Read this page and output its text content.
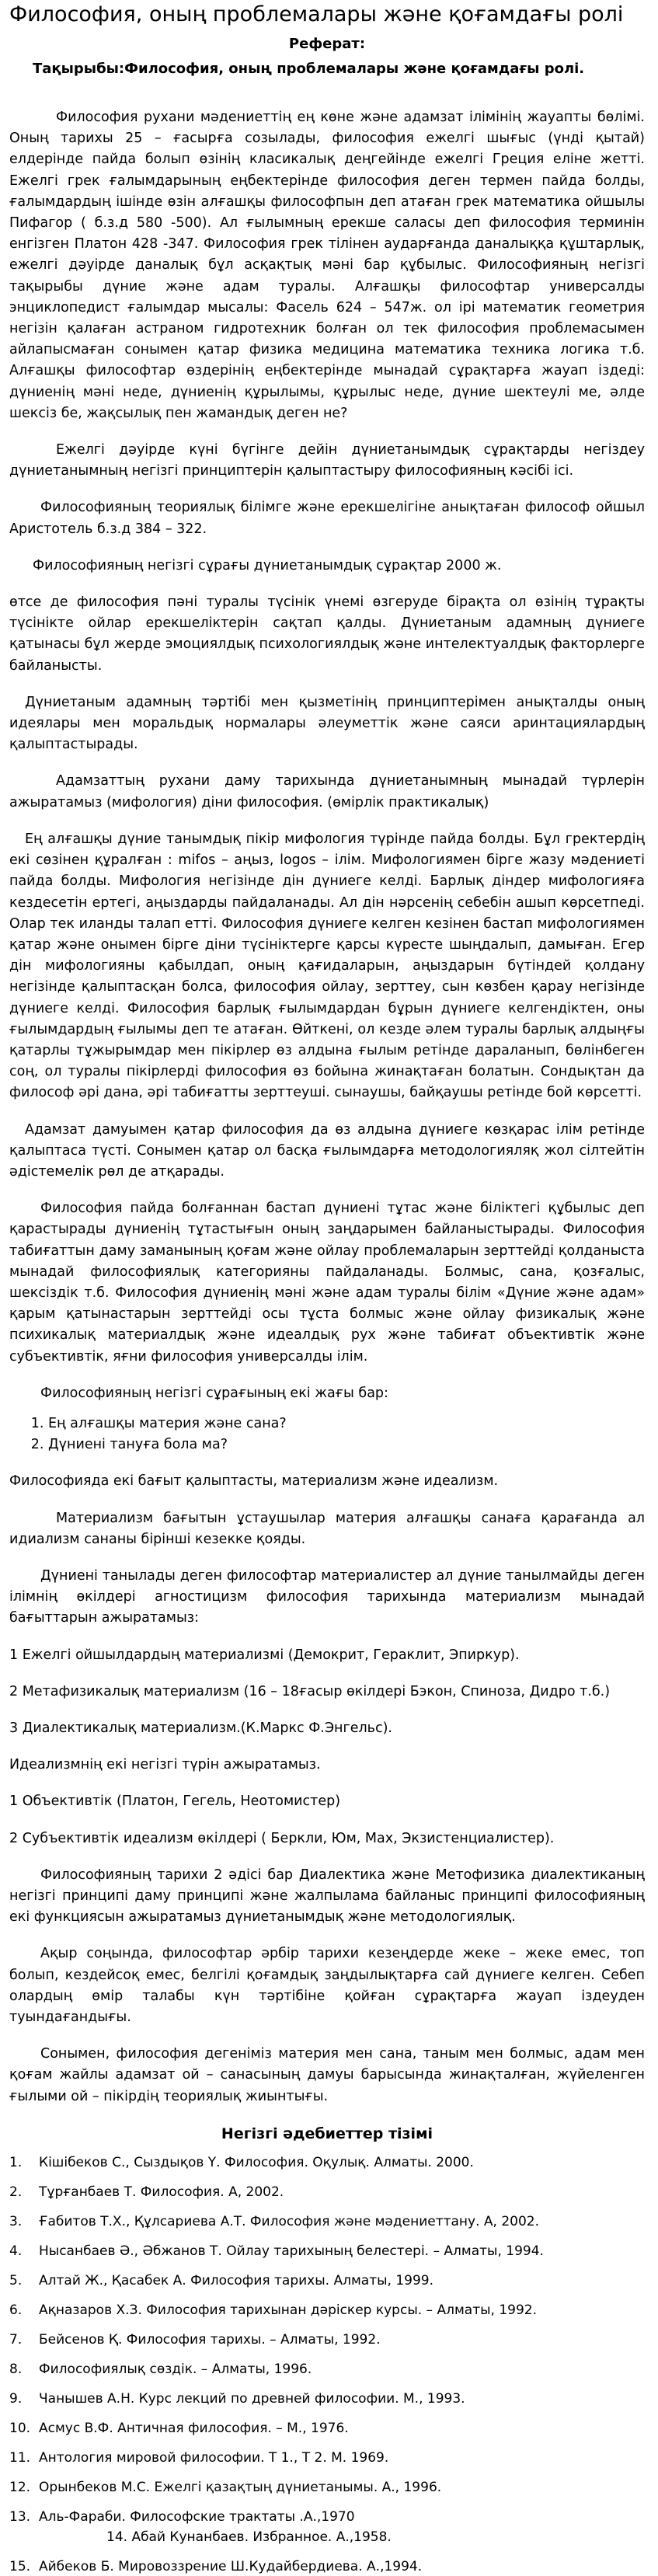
Философия, оның проблемалары және қоғамдағы ролі
Реферат:
Тақырыбы:Философия, оның проблемалары және қоғамдағы ролі.
Философия рухани мәдениеттің ең көне және адамзат ілімінің жауапты бөлімі. Оның тарихы 25 – ғасырға созылады, философия ежелгі шығыс (үнді қытай) елдерінде пайда болып өзінің класикалық деңгейінде ежелгі Греция еліне жетті. Ежелгі грек ғалымдарының еңбектерінде философия деген термен пайда болды, ғалымдардың ішінде өзін алғашқы философпын деп атаған грек математика ойшылы Пифагор ( б.з.д 580 -500). Ал ғылымның ерекше саласы деп философия терминін енгізген Платон 428 -347. Философия грек тілінен аударғанда даналыққа құштарлық, ежелгі дәуірде даналық бұл асқақтық мәні бар құбылыс. Философияның негізгі тақырыбы дүние және адам туралы. Алғашқы философтар универсалды энциклопедист ғалымдар мысалы: Фасель 624 – 547ж. ол ірі математик геометрия негізін қалаған астраном гидротехник болған ол тек философия проблемасымен айлапысмаған сонымен қатар физика медицина математика техника логика т.б. Алғашқы философтар өздерінің еңбектерінде мынадай сұрақтарға жауап іздеді: дүниенің мәні неде, дүниенің құрылымы, құрылыс неде, дүние шектеулі ме, әлде шексіз бе, жақсылық пен жамандық деген не?
Ежелгі дәуірде күні бүгінге дейін дүниетанымдық сұрақтарды негіздеу дүниетанымның негізгі принциптерін қалыптастыру философияның кәсібі ісі.
Философияның теориялық білімге және ерекшелігіне анықтаған философ ойшыл Аристотель б.з.д 384 – 322.
Философияның негізгі сұрағы дүниетанымдық сұрақтар 2000 ж.
өтсе де философия пәні туралы түсінік үнемі өзгеруде бірақта ол өзінің тұрақты түсінікте ойлар ерекшеліктерін сақтап қалды. Дүниетаным адамның дүниеге қатынасы бұл жерде эмоциялдық психологиялдық және интелектуалдық факторлерге байланысты.
Дүниетаным адамның тәртібі мен қызметінің принциптерімен анықталды оның идеялары мен моральдық нормалары әлеуметтік және саяси аринтациялардың қалыптастырады.
Адамзаттың рухани даму тарихында дүниетанымның мынадай түрлерін ажыратамыз (мифология) діни философия. (өмірлік практикалық)
Ең алғашқы дүние танымдық пікір мифология түрінде пайда болды. Бұл гректердің екі сөзінен құралған : mifos – аңыз, logos – ілім. Мифологиямен бірге жазу мәдениеті пайда болды. Мифология негізінде дін дүниеге келді. Барлық діндер мифологияға кездесетін ертегі, аңыздарды пайдаланады. Ал дін нәрсенің себебін ашып көрсетпеді. Олар тек иланды талап етті. Философия дүниеге келген кезінен бастап мифологиямен қатар және онымен бірге діни түсініктерге қарсы күресте шыңдалып, дамыған. Егер дін мифологияны қабылдап, оның қағидаларын, аңыздарын бүтіндей қолдану негізінде қалыптасқан болса, философия ойлау, зерттеу, сын көзбен қарау негізінде дүниеге келді. Философия барлық ғылымдардан бұрын дүниеге келгендіктен, оны ғылымдардың ғылымы деп те атаған. Өйткені, ол кезде әлем туралы барлық алдыңғы қатарлы тұжырымдар мен пікірлер өз алдына ғылым ретінде дараланып, бөлінбеген соң, ол туралы пікірлерді философия өз бойына жинақтаған болатын. Сондықтан да философ әрі дана, әрі табиғатты зерттеуші. сынаушы, байқаушы ретінде бой көрсетті.
Адамзат дамуымен қатар философия да өз алдына дүниеге көзқарас ілім ретінде қалыптаса түсті. Сонымен қатар ол басқа ғылымдарға методологияляқ жол сілтейтін әдістемелік рөл де атқарады.
Философия пайда болғаннан бастап дүниені тұтас және біліктегі құбылыс деп қарастырады дүниенің тұтастығын оның заңдарымен байланыстырады. Философия табиғаттын даму заманының қоғам және ойлау проблемаларын зерттейді қолданыста мынадай философиялық категорияны пайдаланады. Болмыс, сана, қозғалыс, шексіздік т.б. Философия дүниенің мәні және адам туралы білім «Дүние және адам» қарым қатынастарын зерттейді осы тұста болмыс және ойлау физикалық және психикалық материалдық және идеалдық рух және табиғат объективтік және субъективтік, яғни философия универсалды ілім.
Философияның негізгі сұрағының екі жағы бар:
1. Ең алғашқы материя және сана?
2. Дүниені тануға бола ма?
Философияда екі бағыт қалыптасты, материализм және идеализм.
Материализм бағытын ұстаушылар материя алғашқы санаға қарағанда ал идиализм сананы бірінші кезекке қояды.
Дүниені танылады деген философтар материалистер ал дүние танылмайды деген ілімнің өкілдері агностицизм философия тарихында материализм мынадай бағыттарын ажыратамыз:
1 Ежелгі ойшылдардың материализмі (Демокрит, Гераклит, Эпиркур).
2 Метафизикалық материализм (16 – 18ғасыр өкілдері Бэкон, Спиноза, Дидро т.б.)
3 Диалектикалық материализм.(К.Маркс Ф.Энгельс).
Идеализмнің екі негізгі түрін ажыратамыз.
1 Объективтік (Платон, Гегель, Неотомистер)
2 Субъективтік идеализм өкілдері ( Беркли, Юм, Мах, Экзистенциалистер).
Философияның тарихи 2 әдісі бар Диалектика және Метофизика диалектиканың негізгі принципі даму принципі және жалпылама байланыс принципі философияның екі функциясын ажыратамыз дүниетанымдық және методологиялық.
Ақыр соңында, философтар әрбір тарихи кезеңдерде жеке – жеке емес, топ болып, кездейсоқ емес, белгілі қоғамдық заңдылықтарға сай дүниеге келген. Себеп олардың өмір талабы күн тәртібіне қойған сұрақтарға жауап іздеуден туындағандығы.
Сонымен, философия дегеніміз материя мен сана, таным мен болмыс, адам мен қоғам жайлы адамзат ой – санасының дамуы барысында жинақталған, жүйеленген ғылыми ой – пікірдің теориялық жиынтығы.
Негізгі әдебиеттер тізімі
1. Кішібеков С., Сыздықов Ү. Философия. Оқулық. Алматы. 2000.
2. Тұрғанбаев Т. Философия. А, 2002.
3. Ғабитов Т.Х., Құлсариева А.Т. Философия және мәдениеттану. А, 2002.
4. Нысанбаев Ә., Әбжанов Т. Ойлау тарихының белестері. – Алматы, 1994.
5. Алтай Ж., Қасабек А. Философия тарихы. Алматы, 1999.
6. Ақназаров Х.З. Философия тарихынан дәрiскер курсы. – Алматы, 1992.
7. Бейсенов Қ. Философия тарихы. – Алматы, 1992.
8. Философиялық сөздік. – Алматы, 1996.
9. Чанышев А.Н. Курс лекций по древней философии. М., 1993.
10. Асмус В.Ф. Античная философия. – М., 1976.
11. Антология мировой философии. Т 1., Т 2. М. 1969.
12. Орынбеков М.С. Ежелгі қазақтың дүниетанымы. А., 1996.
13. Аль-Фараби. Философские трактаты .А.,1970
14. Абай Кунанбаев. Избранное. А.,1958.
15. Айбеков Б. Мировоззрение Ш.Кудайбердиева. А.,1994.
